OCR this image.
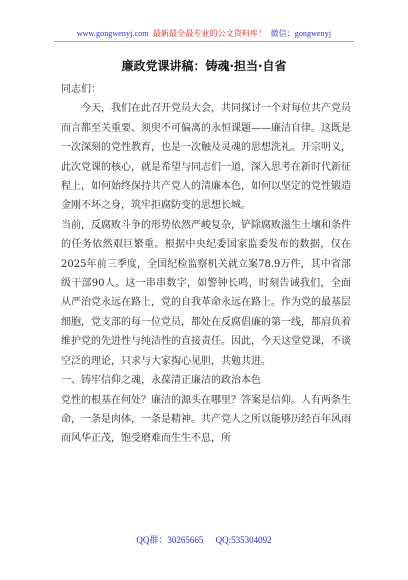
www.gongwenyj.com 最新最全最专业的公文资料库！ 微信：gongwenyj
廉政党课讲稿：铸魂·担当·自省

同志们：

今天，我们在此召开党员大会，共同探讨一个对每位共产党员而言都至关重要、须臾不可偏离的永恒课题——廉洁自律。这既是一次深刻的党性教育，也是一次触及灵魂的思想洗礼。开宗明义，此次党课的核心，就是希望与同志们一道，深入思考在新时代新征程上，如何始终保持共产党人的清廉本色，如何以坚定的党性锻造金刚不坏之身，筑牢拒腐防变的思想长城。

当前，反腐败斗争的形势依然严峻复杂，铲除腐败滋生土壤和条件的任务依然艰巨繁重。根据中央纪委国家监委发布的数据，仅在2025年前三季度，全国纪检监察机关就立案78.9万件，其中省部级干部90人。这一串串数字，如警钟长鸣，时刻告诫我们，全面从严治党永远在路上，党的自我革命永远在路上。作为党的最基层细胞，党支部的每一位党员，都处在反腐倡廉的第一线，都肩负着维护党的先进性与纯洁性的直接责任。因此，今天这堂党课，不谈空泛的理论，只求与大家掏心见胆，共勉共进。

一、铸牢信仰之魂，永葆清正廉洁的政治本色

党性的根基在何处？廉洁的源头在哪里？答案是信仰。人有两条生命，一条是肉体，一条是精神。共产党人之所以能够历经百年风雨而风华正茂，饱受磨难而生生不息，所

QQ群：30265665 QQ:535304092
